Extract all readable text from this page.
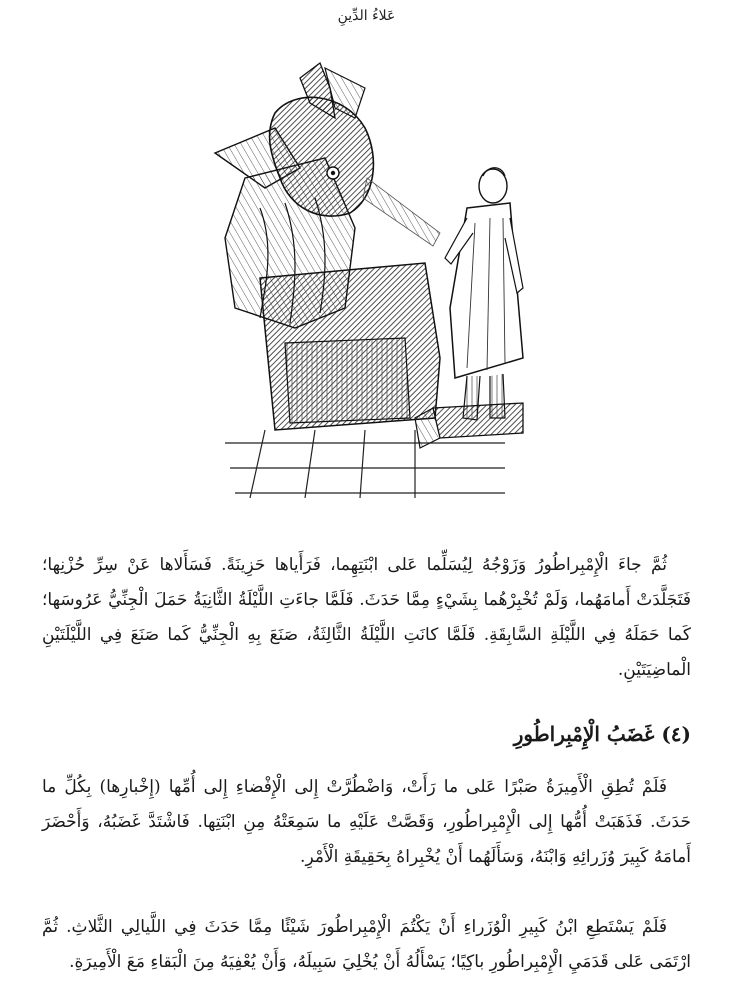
عَلاءُ الدِّينِ

ثُمَّ جاءَ الْإِمْبِراطُورُ وَزَوْجُهُ لِيُسَلِّما عَلى ابْنَتِهِما، فَرَأَياها حَزِينَةً. فَسَأَلاها عَنْ سِرِّ حُزْنِها؛ فَتَجَلَّدَتْ أَمامَهُما، وَلَمْ تُخْبِرْهُما بِشَيْءٍ مِمَّا حَدَثَ. فَلَمَّا جاءَتِ اللَّيْلَةُ الثَّانِيَةُ حَمَلَ الْجِنِّيُّ عَرُوسَها؛ كَما حَمَلَهُ فِي اللَّيْلَةِ السَّابِقَةِ. فَلَمَّا كانَتِ اللَّيْلَةُ الثَّالِثَةُ، صَنَعَ بِهِ الْجِنِّيُّ كَما صَنَعَ فِي اللَّيْلَتَيْنِ الْماضِيَتَيْنِ.

(٤) غَضَبُ الْإِمْبِراطُورِ

فَلَمْ تُطِقِ الْأَمِيرَةُ صَبْرًا عَلى ما رَأَتْ، وَاضْطُرَّتْ إِلى الْإِفْضاءِ إِلى أُمِّها (إِخْبارِها) بِكُلِّ ما حَدَثَ. فَذَهَبَتْ أُمُّها إِلى الْإِمْبِراطُورِ، وَقَصَّتْ عَلَيْهِ ما سَمِعَتْهُ مِنِ ابْنَتِها. فَاشْتَدَّ غَضَبُهُ، وَأَحْضَرَ أَمامَهُ كَبِيرَ وُزَرائِهِ وَابْنَهُ، وَسَأَلَهُما أَنْ يُخْبِراهُ بِحَقِيقَةِ الْأَمْرِ.

فَلَمْ يَسْتَطِعِ ابْنُ كَبِيرِ الْوُزَراءِ أَنْ يَكْتُمَ الْإِمْبِراطُورَ شَيْئًا مِمَّا حَدَثَ فِي اللَّيالِي الثَّلاثِ. ثُمَّ ارْتَمَى عَلى قَدَمَيِ الْإِمْبِراطُورِ باكِيًا؛ يَسْأَلُهُ أَنْ يُخْلِيَ سَبِيلَهُ، وَأَنْ يُعْفِيَهُ مِنَ الْبَقاءِ مَعَ الْأَمِيرَةِ.
